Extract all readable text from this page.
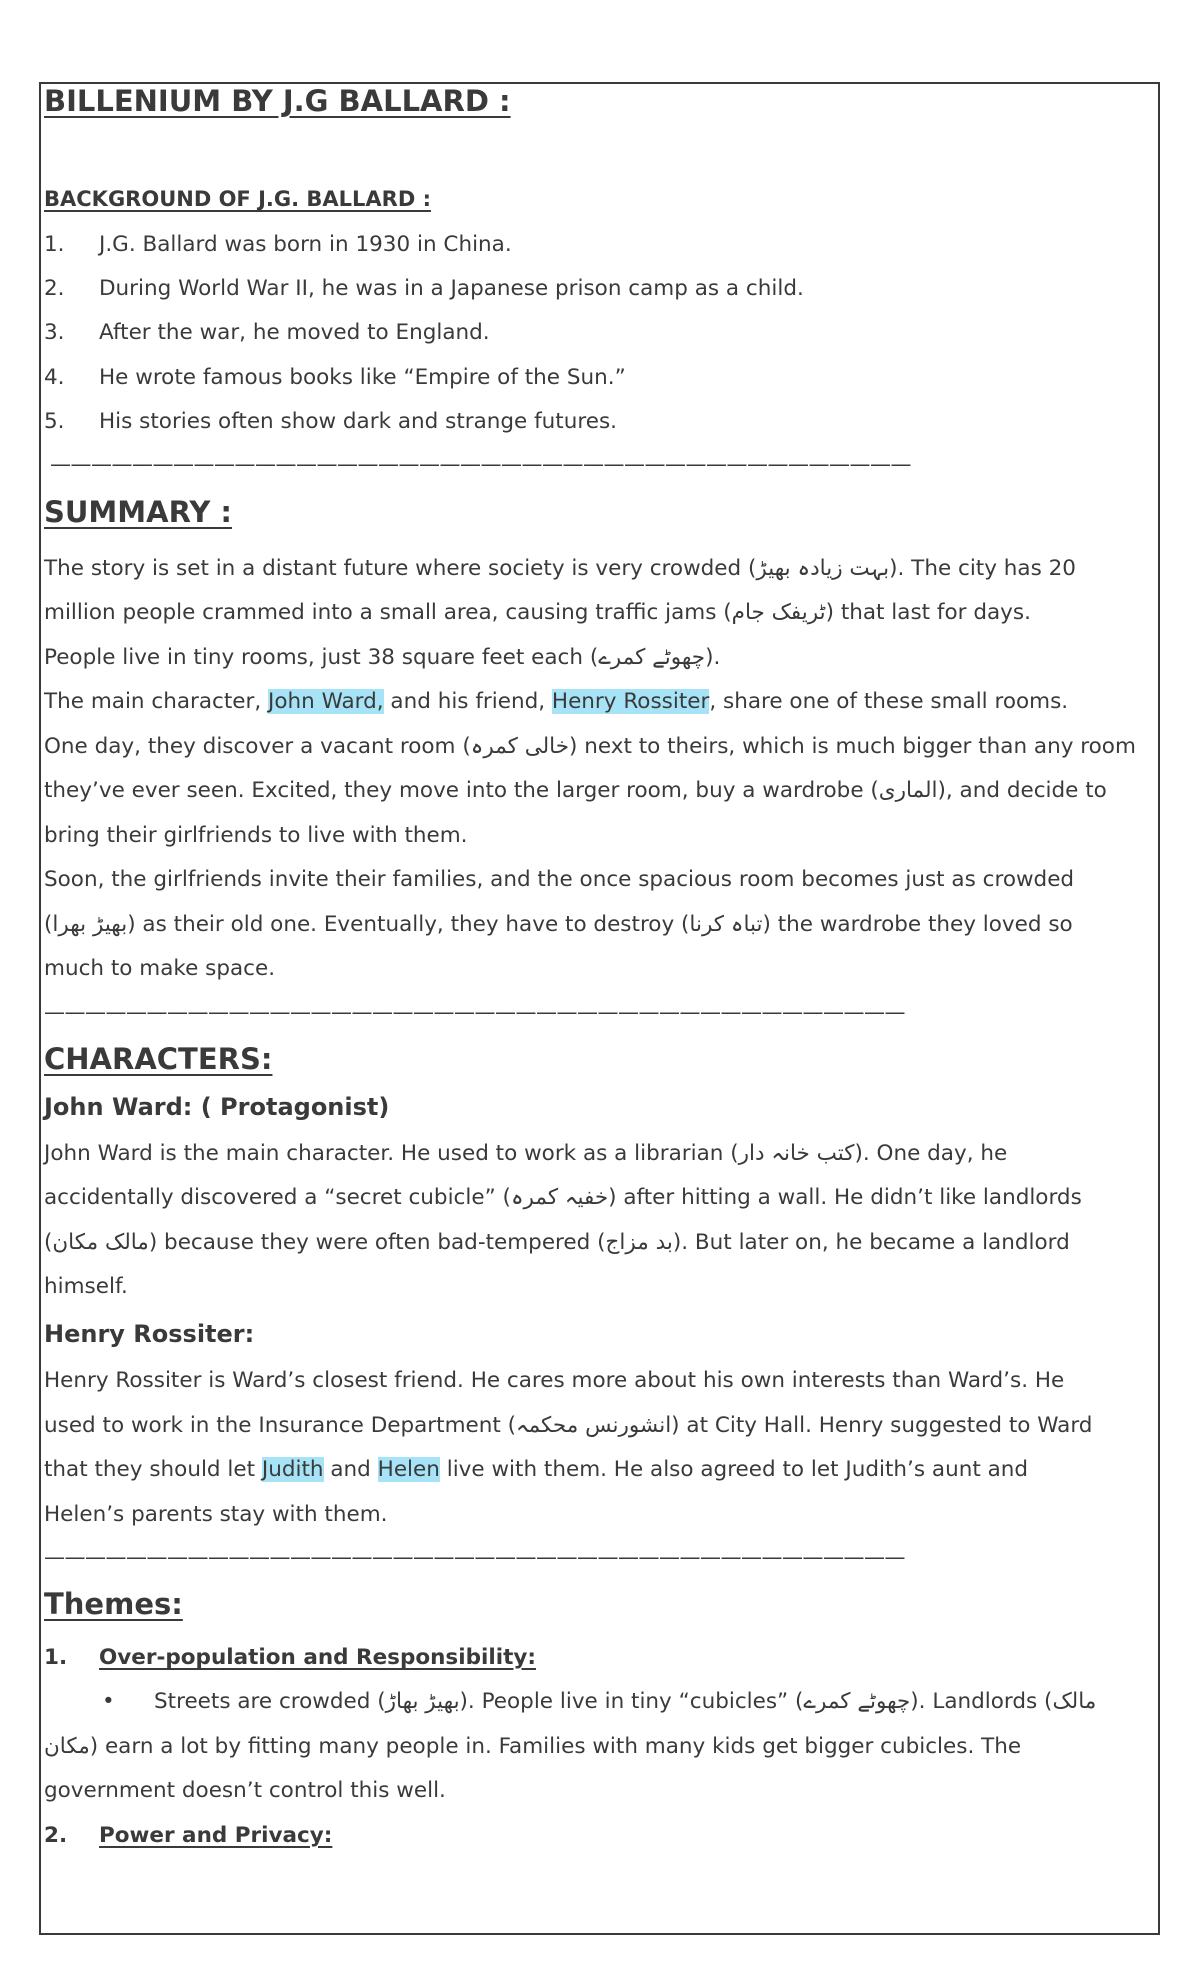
BILLENIUM BY J.G BALLARD :
BACKGROUND OF J.G. BALLARD :
1. J.G. Ballard was born in 1930 in China.
2. During World War II, he was in a Japanese prison camp as a child.
3. After the war, he moved to England.
4. He wrote famous books like “Empire of the Sun.”
5. His stories often show dark and strange futures.
——————————————————————————————————————————
SUMMARY :
The story is set in a distant future where society is very crowded (بہت زیادہ بھیڑ). The city has 20
million people crammed into a small area, causing traffic jams (ٹریفک جام) that last for days.
People live in tiny rooms, just 38 square feet each (چھوٹے کمرے).
The main character, John Ward, and his friend, Henry Rossiter, share one of these small rooms.
One day, they discover a vacant room (خالی کمرہ) next to theirs, which is much bigger than any room
they’ve ever seen. Excited, they move into the larger room, buy a wardrobe (الماری), and decide to
bring their girlfriends to live with them.
Soon, the girlfriends invite their families, and the once spacious room becomes just as crowded
(بھیڑ بھرا) as their old one. Eventually, they have to destroy (تباہ کرنا) the wardrobe they loved so
much to make space.
——————————————————————————————————————————
CHARACTERS:
John Ward: ( Protagonist)
John Ward is the main character. He used to work as a librarian (کتب خانہ دار). One day, he
accidentally discovered a “secret cubicle” (خفیہ کمرہ) after hitting a wall. He didn’t like landlords
(مالک مکان) because they were often bad-tempered (بد مزاج). But later on, he became a landlord
himself.
Henry Rossiter:
Henry Rossiter is Ward’s closest friend. He cares more about his own interests than Ward’s. He
used to work in the Insurance Department (انشورنس محکمہ) at City Hall. Henry suggested to Ward
that they should let Judith and Helen live with them. He also agreed to let Judith’s aunt and
Helen’s parents stay with them.
——————————————————————————————————————————
Themes:
1. Over-population and Responsibility:
• Streets are crowded (بھیڑ بھاڑ). People live in tiny “cubicles” (چھوٹے کمرے). Landlords (مالک
مکان) earn a lot by fitting many people in. Families with many kids get bigger cubicles. The
government doesn’t control this well.
2. Power and Privacy:
